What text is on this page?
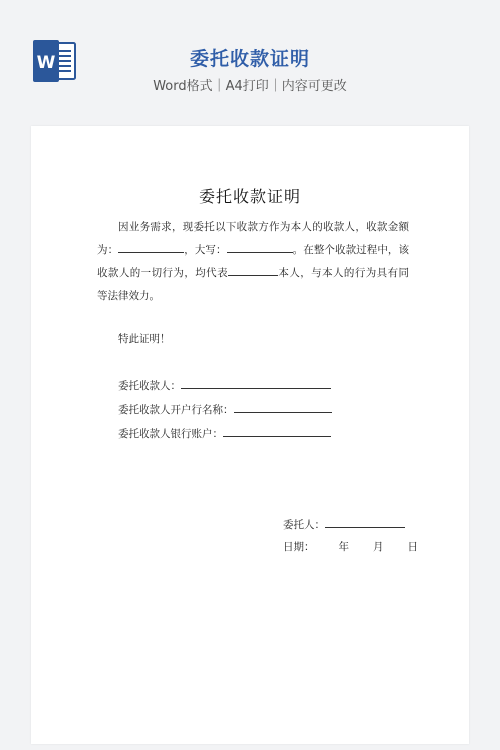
W	委托收款证明
Word格式｜A4打印｜内容可更改
委托收款证明
因业务需求，现委托以下收款方作为本人的收款人，收款金额为：	，大写：	。在整个收款过程中，该收款人的一切行为，均代表	本人，与本人的行为具有同等法律效力。
特此证明！
委托收款人：
委托收款人开户行名称：
委托收款人银行账户：
委托人：
日期： 年 月 日
